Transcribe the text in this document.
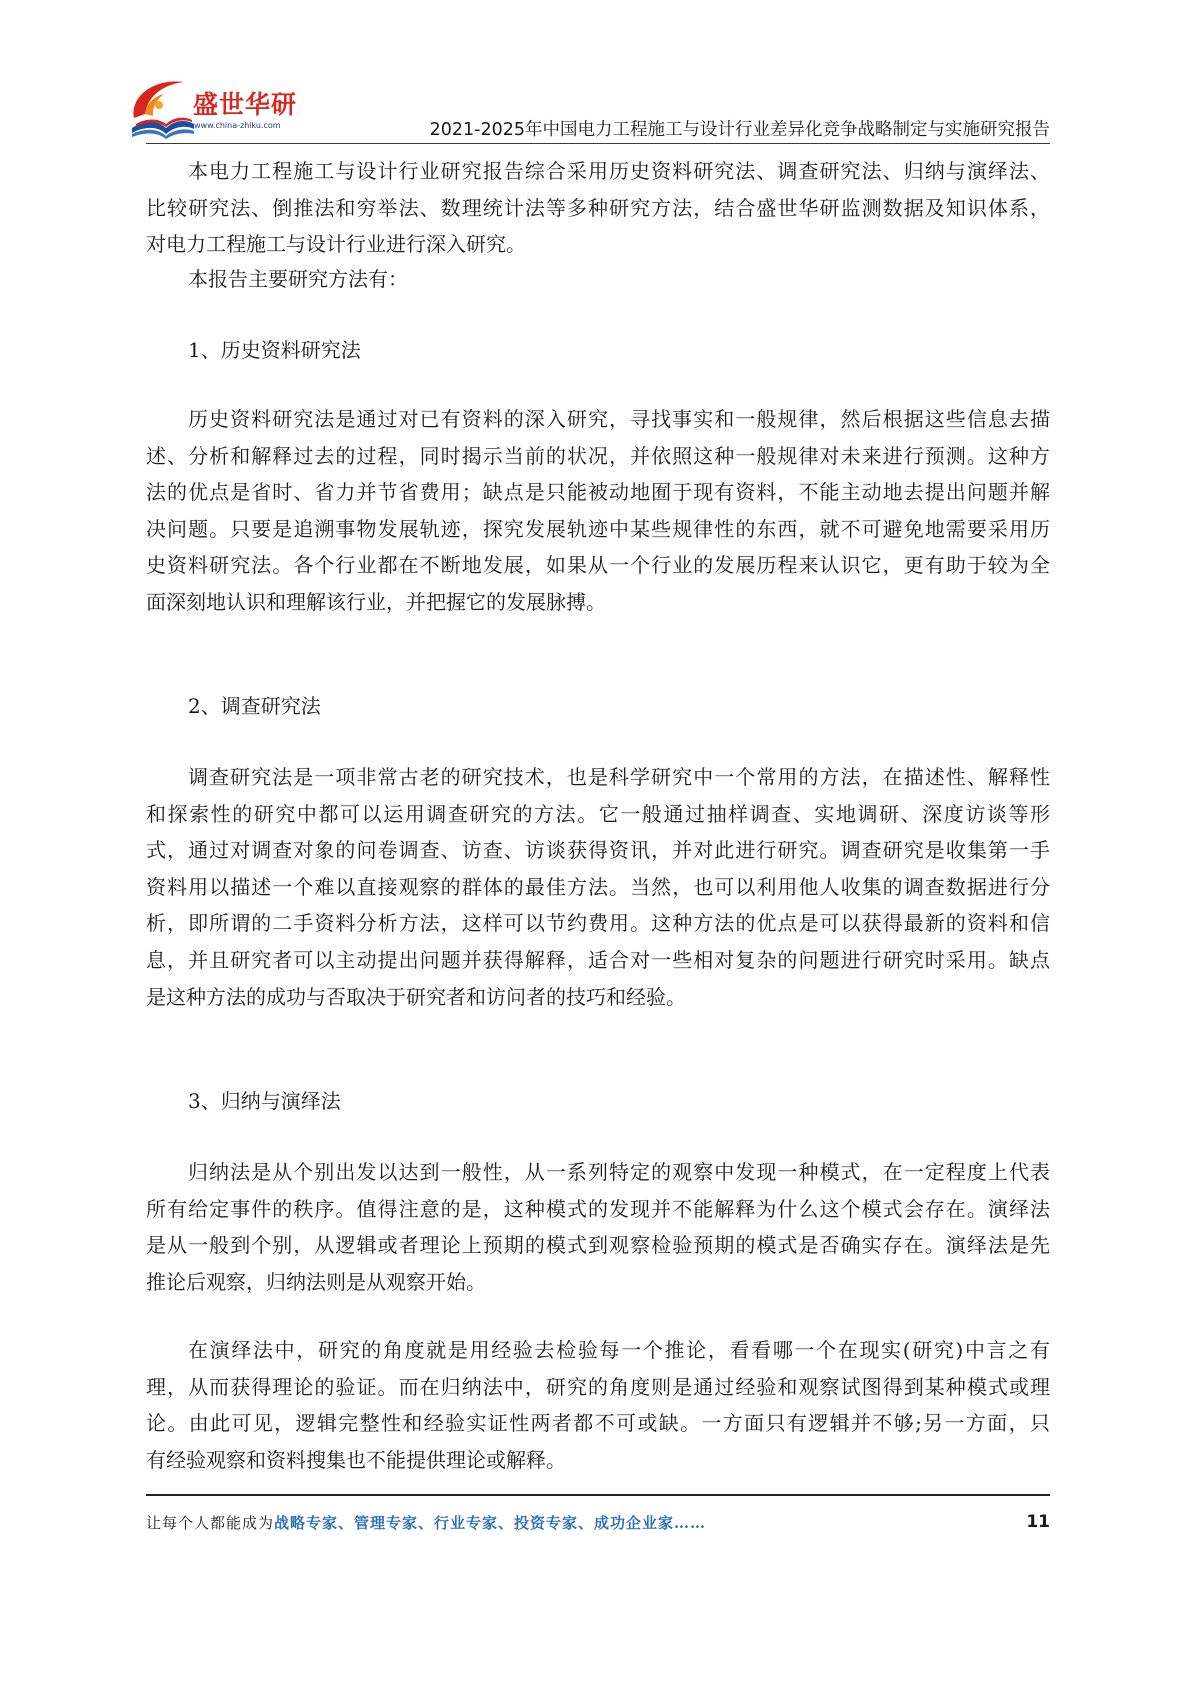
盛世华研
www.china-zhiku.com	2021-2025年中国电力工程施工与设计行业差异化竞争战略制定与实施研究报告
本电力工程施工与设计行业研究报告综合采用历史资料研究法、调查研究法、归纳与演绎法、
比较研究法、倒推法和穷举法、数理统计法等多种研究方法，结合盛世华研监测数据及知识体系，
对电力工程施工与设计行业进行深入研究。
本报告主要研究方法有：
1、历史资料研究法
历史资料研究法是通过对已有资料的深入研究，寻找事实和一般规律，然后根据这些信息去描
述、分析和解释过去的过程，同时揭示当前的状况，并依照这种一般规律对未来进行预测。这种方
法的优点是省时、省力并节省费用；缺点是只能被动地囿于现有资料，不能主动地去提出问题并解
决问题。只要是追溯事物发展轨迹，探究发展轨迹中某些规律性的东西，就不可避免地需要采用历
史资料研究法。各个行业都在不断地发展，如果从一个行业的发展历程来认识它，更有助于较为全
面深刻地认识和理解该行业，并把握它的发展脉搏。
2、调查研究法
调查研究法是一项非常古老的研究技术，也是科学研究中一个常用的方法，在描述性、解释性
和探索性的研究中都可以运用调查研究的方法。它一般通过抽样调查、实地调研、深度访谈等形
式，通过对调查对象的问卷调查、访查、访谈获得资讯，并对此进行研究。调查研究是收集第一手
资料用以描述一个难以直接观察的群体的最佳方法。当然，也可以利用他人收集的调查数据进行分
析，即所谓的二手资料分析方法，这样可以节约费用。这种方法的优点是可以获得最新的资料和信
息，并且研究者可以主动提出问题并获得解释，适合对一些相对复杂的问题进行研究时采用。缺点
是这种方法的成功与否取决于研究者和访问者的技巧和经验。
3、归纳与演绎法
归纳法是从个别出发以达到一般性，从一系列特定的观察中发现一种模式，在一定程度上代表
所有给定事件的秩序。值得注意的是，这种模式的发现并不能解释为什么这个模式会存在。演绎法
是从一般到个别，从逻辑或者理论上预期的模式到观察检验预期的模式是否确实存在。演绎法是先
推论后观察，归纳法则是从观察开始。
在演绎法中，研究的角度就是用经验去检验每一个推论，看看哪一个在现实(研究)中言之有
理，从而获得理论的验证。而在归纳法中，研究的角度则是通过经验和观察试图得到某种模式或理
论。由此可见，逻辑完整性和经验实证性两者都不可或缺。一方面只有逻辑并不够;另一方面，只
有经验观察和资料搜集也不能提供理论或解释。
让每个人都能成为战略专家、管理专家、行业专家、投资专家、成功企业家……	11
